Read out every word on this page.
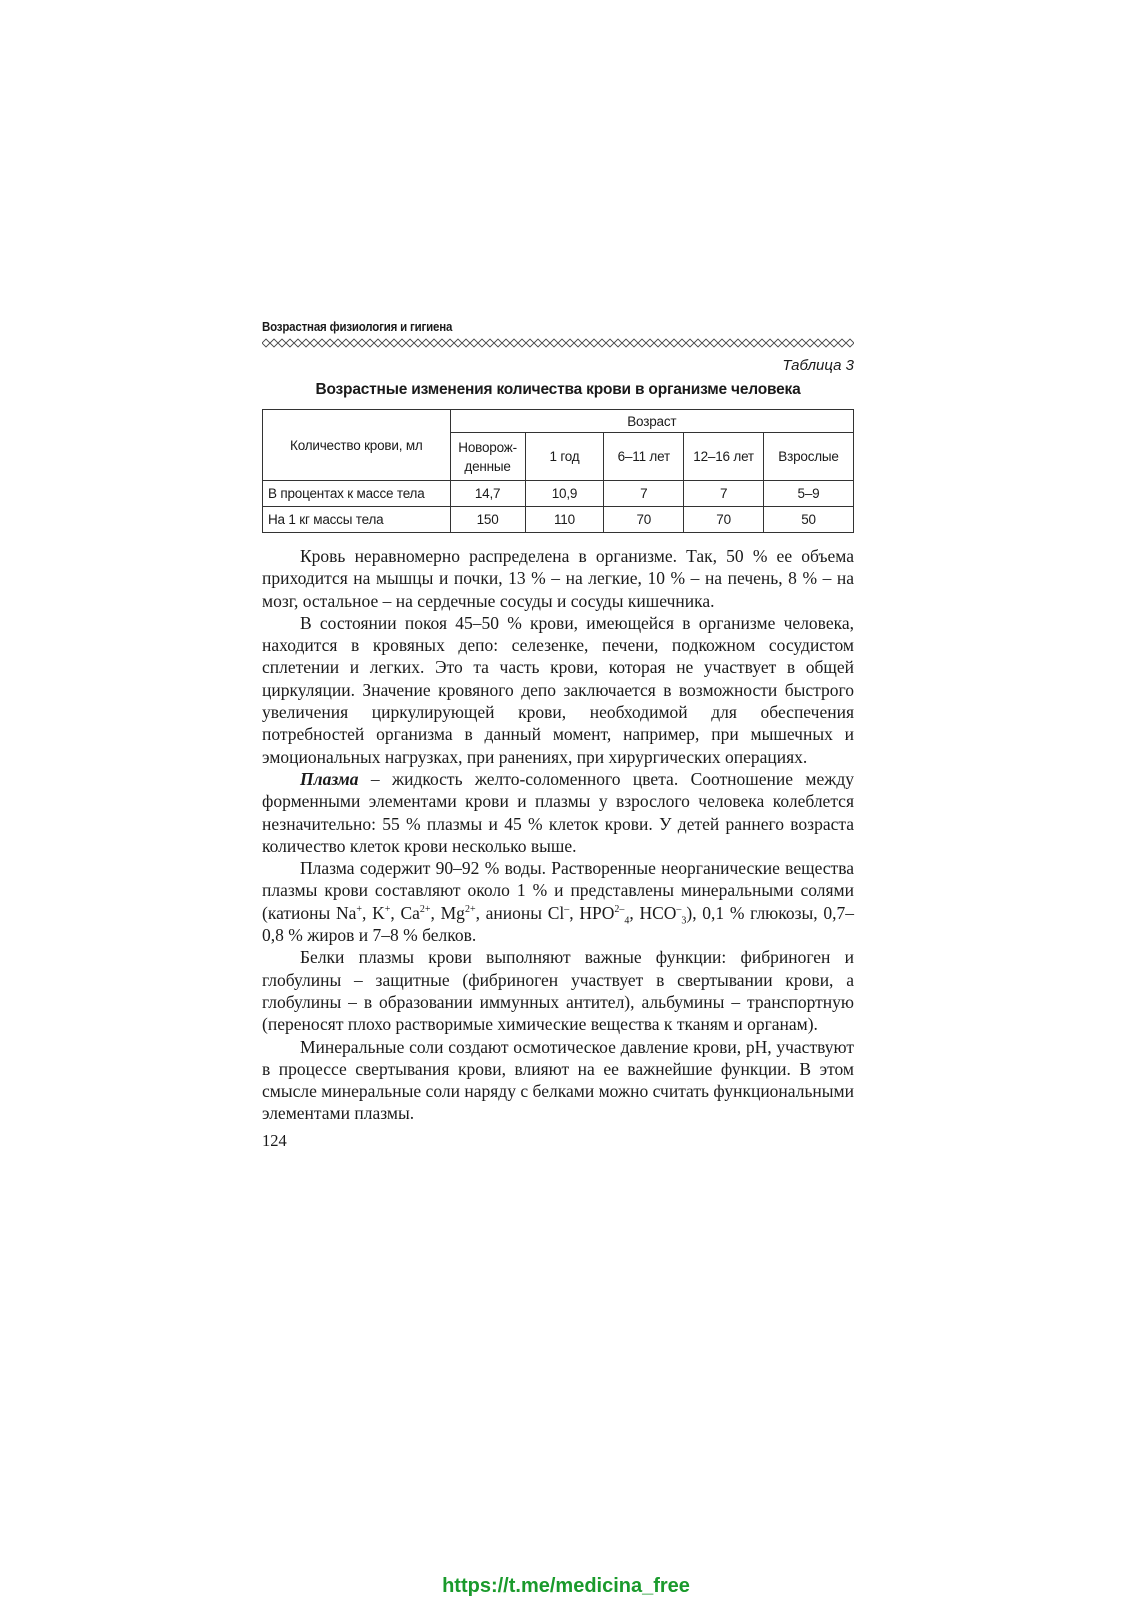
Возрастная физиология и гигиена
Таблица 3
Возрастные изменения количества крови в организме человека
Количество крови, мл	Возраст				
	Новорож-денные	1 год	6–11 лет	12–16 лет	Взрослые
В процентах к массе тела	14,7	10,9	7	7	5–9
На 1 кг массы тела	150	110	70	70	50

Кровь неравномерно распределена в организме. Так, 50 % ее объема приходится на мышцы и почки, 13 % – на легкие, 10 % – на печень, 8 % – на мозг, остальное – на сердечные сосуды и сосуды кишечника.

В состоянии покоя 45–50 % крови, имеющейся в организме человека, находится в кровяных депо: селезенке, печени, подкожном сосудистом сплетении и легких. Это та часть крови, которая не участвует в общей циркуляции. Значение кровяного депо заключается в возможности быстрого увеличения циркулирующей крови, необходимой для обеспечения потребностей организма в данный момент, например, при мышечных и эмоциональных нагрузках, при ранениях, при хирургических операциях.

Плазма – жидкость желто-соломенного цвета. Соотношение между форменными элементами крови и плазмы у взрослого человека колеблется незначительно: 55 % плазмы и 45 % клеток крови. У детей раннего возраста количество клеток крови несколько выше.

Плазма содержит 90–92 % воды. Растворенные неорганические вещества плазмы крови составляют около 1 % и представлены минеральными солями (катионы Na+, K+, $Ca^{2+}$, $Mg^{2+}$, анионы Cl–, $HPO^{2-}_4$, $HCO^-_3$), 0,1 % глюкозы, 0,7–0,8 % жиров и 7–8 % белков.

Белки плазмы крови выполняют важные функции: фибриноген и глобулины – защитные (фибриноген участвует в свертывании крови, а глобулины – в образовании иммунных антител), альбумины – транспортную (переносят плохо растворимые химические вещества к тканям и органам).

Минеральные соли создают осмотическое давление крови, pH, участвуют в процессе свертывания крови, влияют на ее важнейшие функции. В этом смысле минеральные соли наряду с белками можно считать функциональными элементами плазмы.

124
https://t.me/medicina_free
